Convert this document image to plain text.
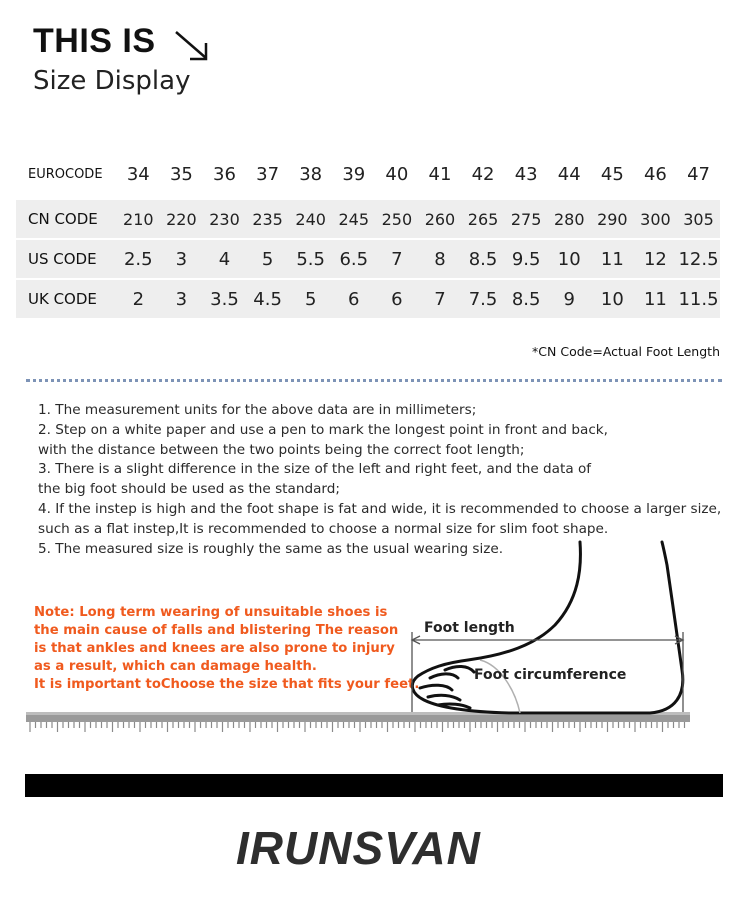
THIS IS
Size Display
EUROCODE	34	35	36	37	38	39	40	41	42	43	44	45	46	47
CN CODE	210 220 230 235 240 245 250 260 265 275 280 290 300 305
US CODE	2.5	3	4	5	5.5 6.5	7	8	8.5 9.5 10	11	12 12.5
UK CODE	2	3	3.5 4.5	5	6	6	7	7.5 8.5	9	10	11 11.5
*CN Code=Actual Foot Length

1. The measurement units for the above data are in millimeters;

2. Step on a white paper and use a pen to mark the longest point in front and back,

with the distance between the two points being the correct foot length;

3. There is a slight difference in the size of the left and right feet, and the data of

the big foot should be used as the standard;

4. If the instep is high and the foot shape is fat and wide, it is recommended to choose a larger size,

such as a flat instep,It is recommended to choose a normal size for slim foot shape.

5. The measured size is roughly the same as the usual wearing size.

Note: Long term wearing of unsuitable shoes is

the main cause of falls and blistering The reason

is that ankles and knees are also prone to injury

as a result, which can damage health.

It is important toChoose the size that fits your feet.

Foot length
Foot circumference
IRUNSVAN
